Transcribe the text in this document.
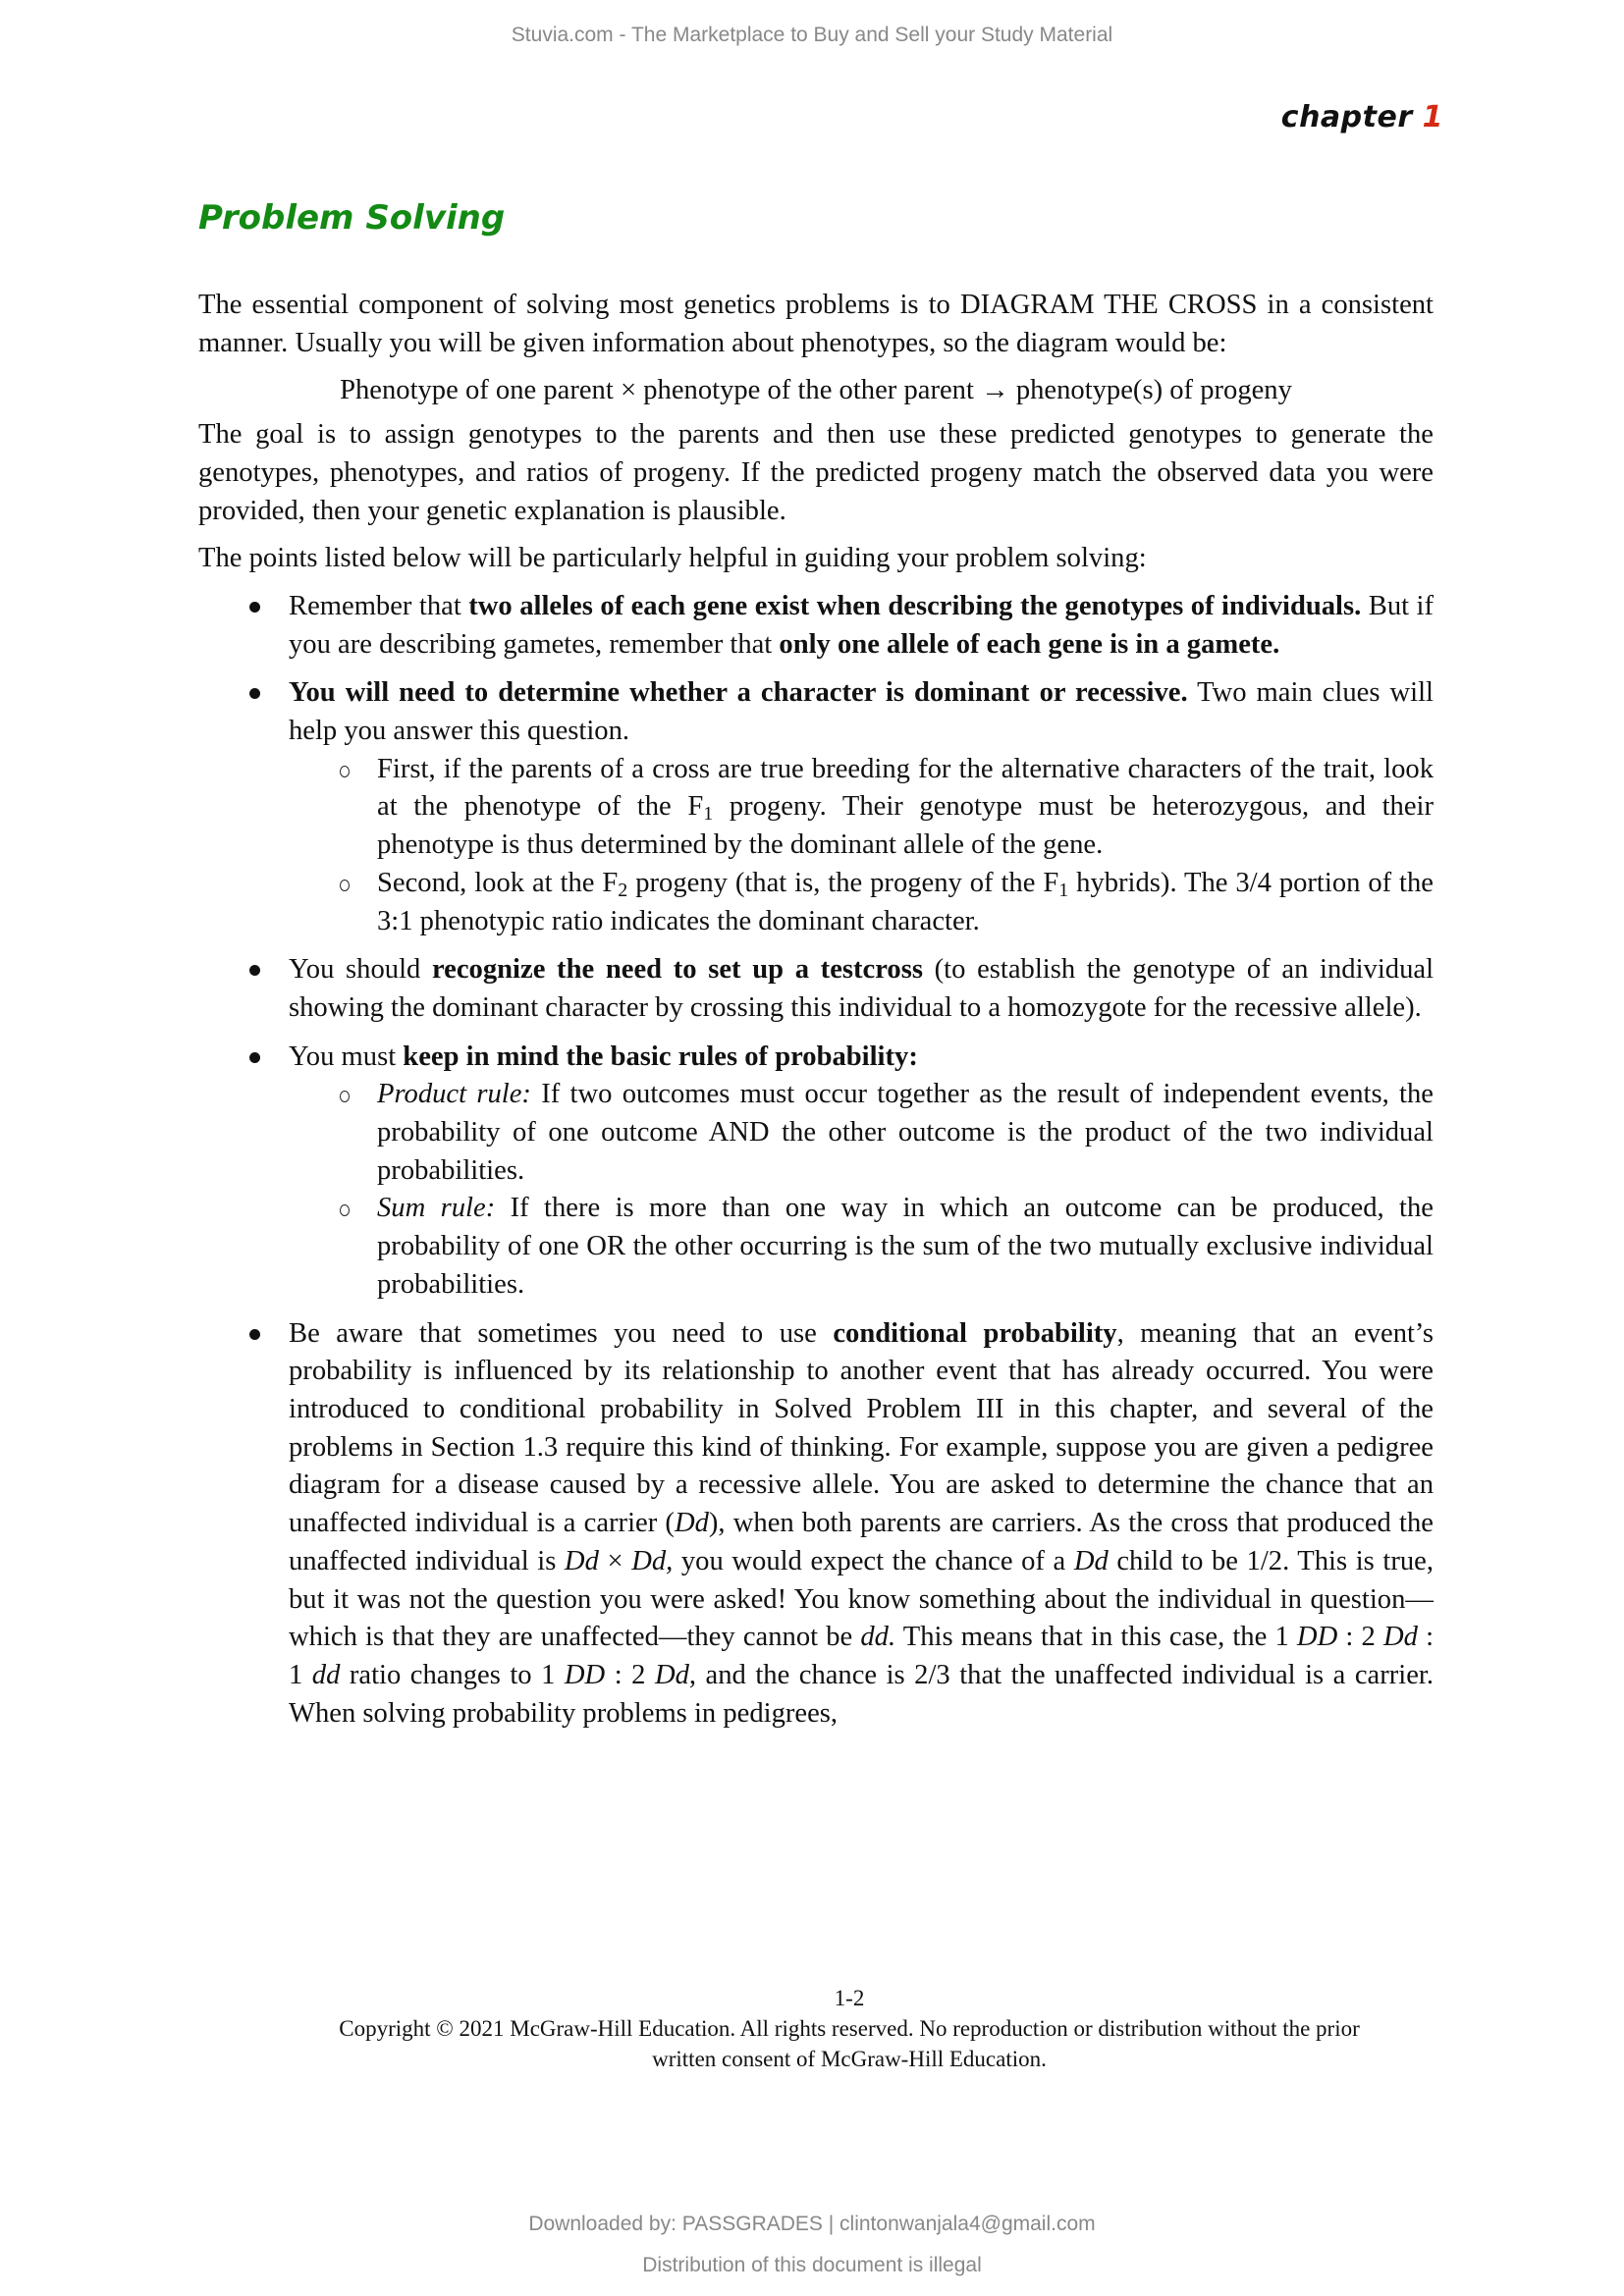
Stuvia.com - The Marketplace to Buy and Sell your Study Material
chapter 1
Problem Solving

The essential component of solving most genetics problems is to DIAGRAM THE CROSS in a consistent manner. Usually you will be given information about phenotypes, so the diagram would be:

Phenotype of one parent × phenotype of the other parent → phenotype(s) of progeny

The goal is to assign genotypes to the parents and then use these predicted genotypes to generate the genotypes, phenotypes, and ratios of progeny. If the predicted progeny match the observed data you were provided, then your genetic explanation is plausible.

The points listed below will be particularly helpful in guiding your problem solving:

Remember that two alleles of each gene exist when describing the genotypes of individuals. But if you are describing gametes, remember that only one allele of each gene is in a gamete.
You will need to determine whether a character is dominant or recessive. Two main clues will help you answer this question.
First, if the parents of a cross are true breeding for the alternative characters of the trait, look at the phenotype of the $F_1$ progeny. Their genotype must be heterozygous, and their phenotype is thus determined by the dominant allele of the gene.
Second, look at the $F_2$ progeny (that is, the progeny of the $F_1$ hybrids). The 3/4 portion of the 3:1 phenotypic ratio indicates the dominant character.
You should recognize the need to set up a testcross (to establish the genotype of an individual showing the dominant character by crossing this individual to a homozygote for the recessive allele).
You must keep in mind the basic rules of probability:
Product rule: If two outcomes must occur together as the result of independent events, the probability of one outcome AND the other outcome is the product of the two individual probabilities.
Sum rule: If there is more than one way in which an outcome can be produced, the probability of one OR the other occurring is the sum of the two mutually exclusive individual probabilities.
Be aware that sometimes you need to use conditional probability, meaning that an event’s probability is influenced by its relationship to another event that has already occurred. You were introduced to conditional probability in Solved Problem III in this chapter, and several of the problems in Section 1.3 require this kind of thinking. For example, suppose you are given a pedigree diagram for a disease caused by a recessive allele. You are asked to determine the chance that an unaffected individual is a carrier (Dd), when both parents are carriers. As the cross that produced the unaffected individual is Dd × Dd, you would expect the chance of a Dd child to be 1/2. This is true, but it was not the question you were asked! You know something about the individual in question—which is that they are unaffected—they cannot be dd. This means that in this case, the 1 DD : 2 Dd : 1 dd ratio changes to 1 DD : 2 Dd, and the chance is 2/3 that the unaffected individual is a carrier. When solving probability problems in pedigrees,
1-2
Copyright © 2021 McGraw-Hill Education. All rights reserved. No reproduction or distribution without the prior
written consent of McGraw-Hill Education.
Downloaded by: PASSGRADES | clintonwanjala4@gmail.com
Distribution of this document is illegal
